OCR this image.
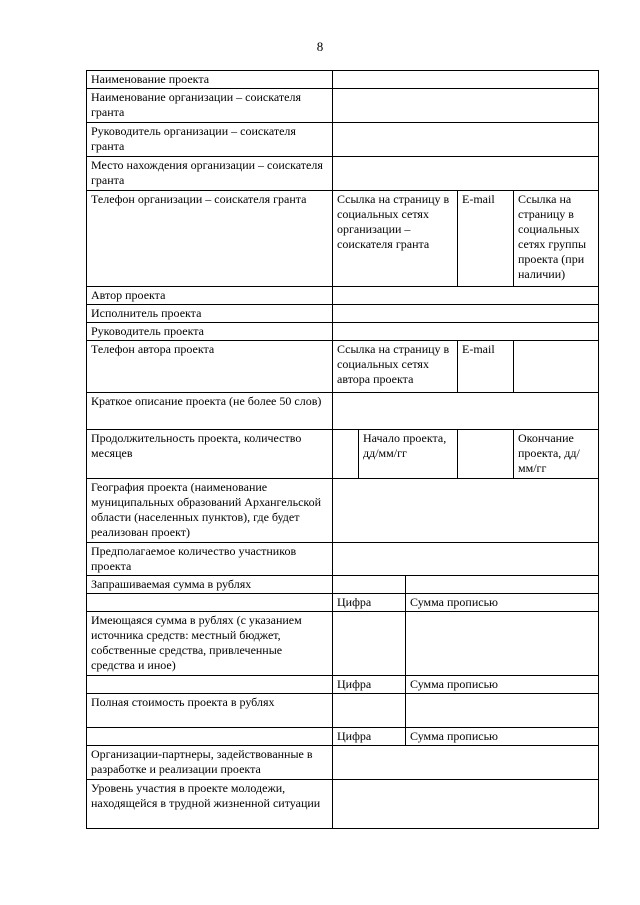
8
Наименование проекта					
Наименование организации – соискателя гранта					
Руководитель организации – соискателя гранта					
Место нахождения организации – соискателя гранта					
Телефон организации – соискателя гранта	Ссылка на страницу в социальных сетях организации – соискателя гранта			E-mail	Ссылка на страницу в социальных сетях группы проекта (при наличии)
Автор проекта					
Исполнитель проекта					
Руководитель проекта					
Телефон автора проекта	Ссылка на страницу в социальных сетях автора проекта			E-mail	
Краткое описание проекта (не более 50 слов)					
Продолжительность проекта, количество месяцев		Начало проекта, дд/мм/гг			Окончание проекта, дд/мм/гг
География проекта (наименование муниципальных образований Архангельской области (населенных пунктов), где будет реализован проект)					
Предполагаемое количество участников проекта					
Запрашиваемая сумма в рублях					
	Цифра		Сумма прописью		
Имеющаяся сумма в рублях (с указанием источника средств: местный бюджет, собственные средства, привлеченные средства и иное)					
	Цифра		Сумма прописью		
Полная стоимость проекта в рублях					
	Цифра		Сумма прописью		
Организации-партнеры, задействованные в разработке и реализации проекта					
Уровень участия в проекте молодежи, находящейся в трудной жизненной ситуации					
